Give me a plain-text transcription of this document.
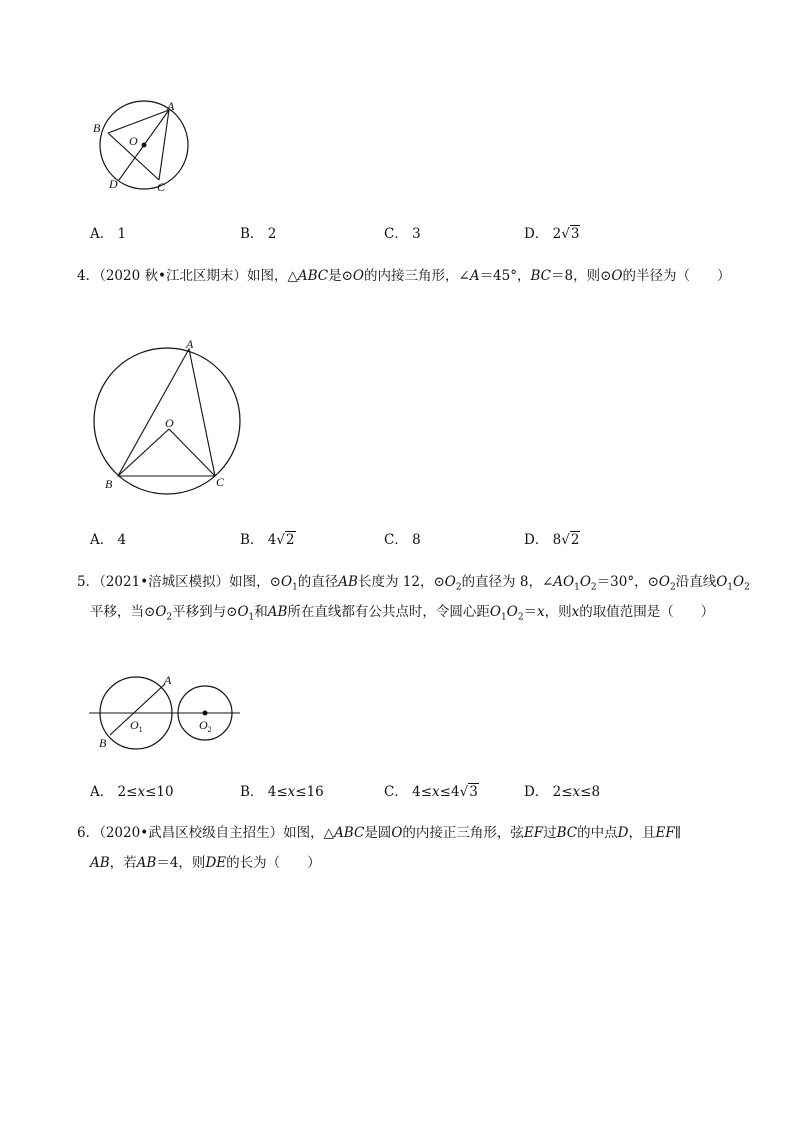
A
B
O
D	C
A． 1	B． 2	C． 3	D． 2√3
4．（2020 秋•江北区期末）如图，△ABC是⊙O的内接三角形，∠A＝45°，BC＝8，则⊙O的半径为（　　）
A
O
B	C
A． 4	B． 4√2	C． 8	D． 8√2
5．（2021•涪城区模拟）如图，$⊙O_1$的直径AB长度为 12，$⊙O_2$的直径为 8，$\angle AO_1O_2=30^\circ$，$⊙O_2$沿直线$O_1O_2$
平移，当$⊙O_2$平移到与$⊙O_1$和AB所在直线都有公共点时，令圆心距$O_1O_2=x$，则x的取值范围是（　　）
A
B
$O_1$	$O_2$
A． 2≤x≤10	B． 4≤x≤16	C． 4≤x≤4√3	D． 2≤x≤8
6．（2020•武昌区校级自主招生）如图，△ABC是圆O的内接正三角形，弦EF过BC的中点D，且EF∥
AB，若AB＝4，则DE的长为（　　）
